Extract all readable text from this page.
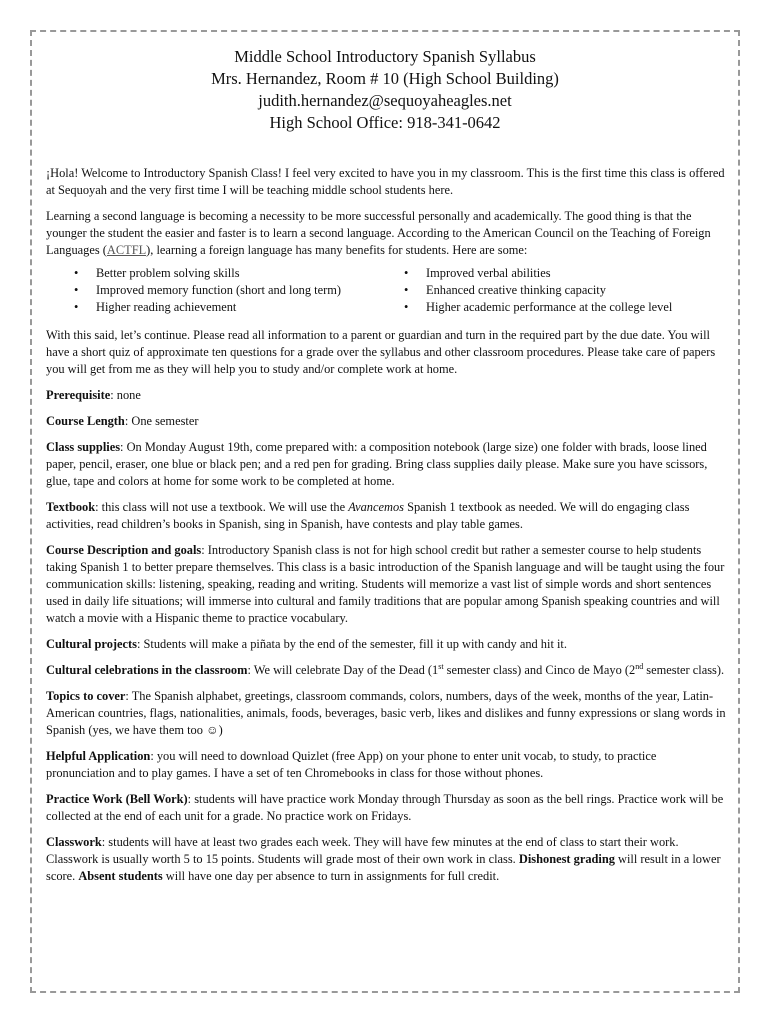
Middle School Introductory Spanish Syllabus
Mrs. Hernandez, Room # 10 (High School Building)
judith.hernandez@sequoyaheagles.net
High School Office: 918-341-0642

¡Hola! Welcome to Introductory Spanish Class! I feel very excited to have you in my classroom. This is the first time this class is offered at Sequoyah and the very first time I will be teaching middle school students here.

Learning a second language is becoming a necessity to be more successful personally and academically. The good thing is that the younger the student the easier and faster is to learn a second language. According to the American Council on the Teaching of Foreign Languages (ACTFL), learning a foreign language has many benefits for students. Here are some:

• Better problem solving skills
• Improved memory function (short and long term)
• Higher reading achievement
• Improved verbal abilities
• Enhanced creative thinking capacity
• Higher academic performance at the college level

With this said, let’s continue. Please read all information to a parent or guardian and turn in the required part by the due date. You will have a short quiz of approximate ten questions for a grade over the syllabus and other classroom procedures. Please take care of papers you will get from me as they will help you to study and/or complete work at home.

Prerequisite: none

Course Length: One semester

Class supplies: On Monday August 19th, come prepared with: a composition notebook (large size) one folder with brads, loose lined paper, pencil, eraser, one blue or black pen; and a red pen for grading. Bring class supplies daily please. Make sure you have scissors, glue, tape and colors at home for some work to be completed at home.

Textbook: this class will not use a textbook. We will use the Avancemos Spanish 1 textbook as needed. We will do engaging class activities, read children’s books in Spanish, sing in Spanish, have contests and play table games.

Course Description and goals: Introductory Spanish class is not for high school credit but rather a semester course to help students taking Spanish 1 to better prepare themselves. This class is a basic introduction of the Spanish language and will be taught using the four communication skills: listening, speaking, reading and writing. Students will memorize a vast list of simple words and short sentences used in daily life situations; will immerse into cultural and family traditions that are popular among Spanish speaking countries and will watch a movie with a Hispanic theme to practice vocabulary.

Cultural projects: Students will make a piñata by the end of the semester, fill it up with candy and hit it.

Cultural celebrations in the classroom: We will celebrate Day of the Dead (1st semester class) and Cinco de Mayo (2nd semester class).

Topics to cover: The Spanish alphabet, greetings, classroom commands, colors, numbers, days of the week, months of the year, Latin-American countries, flags, nationalities, animals, foods, beverages, basic verb, likes and dislikes and funny expressions or slang words in Spanish (yes, we have them too ☺)

Helpful Application: you will need to download Quizlet (free App) on your phone to enter unit vocab, to study, to practice pronunciation and to play games. I have a set of ten Chromebooks in class for those without phones.

Practice Work (Bell Work): students will have practice work Monday through Thursday as soon as the bell rings. Practice work will be collected at the end of each unit for a grade. No practice work on Fridays.

Classwork: students will have at least two grades each week. They will have few minutes at the end of class to start their work. Classwork is usually worth 5 to 15 points. Students will grade most of their own work in class. Dishonest grading will result in a lower score. Absent students will have one day per absence to turn in assignments for full credit.
